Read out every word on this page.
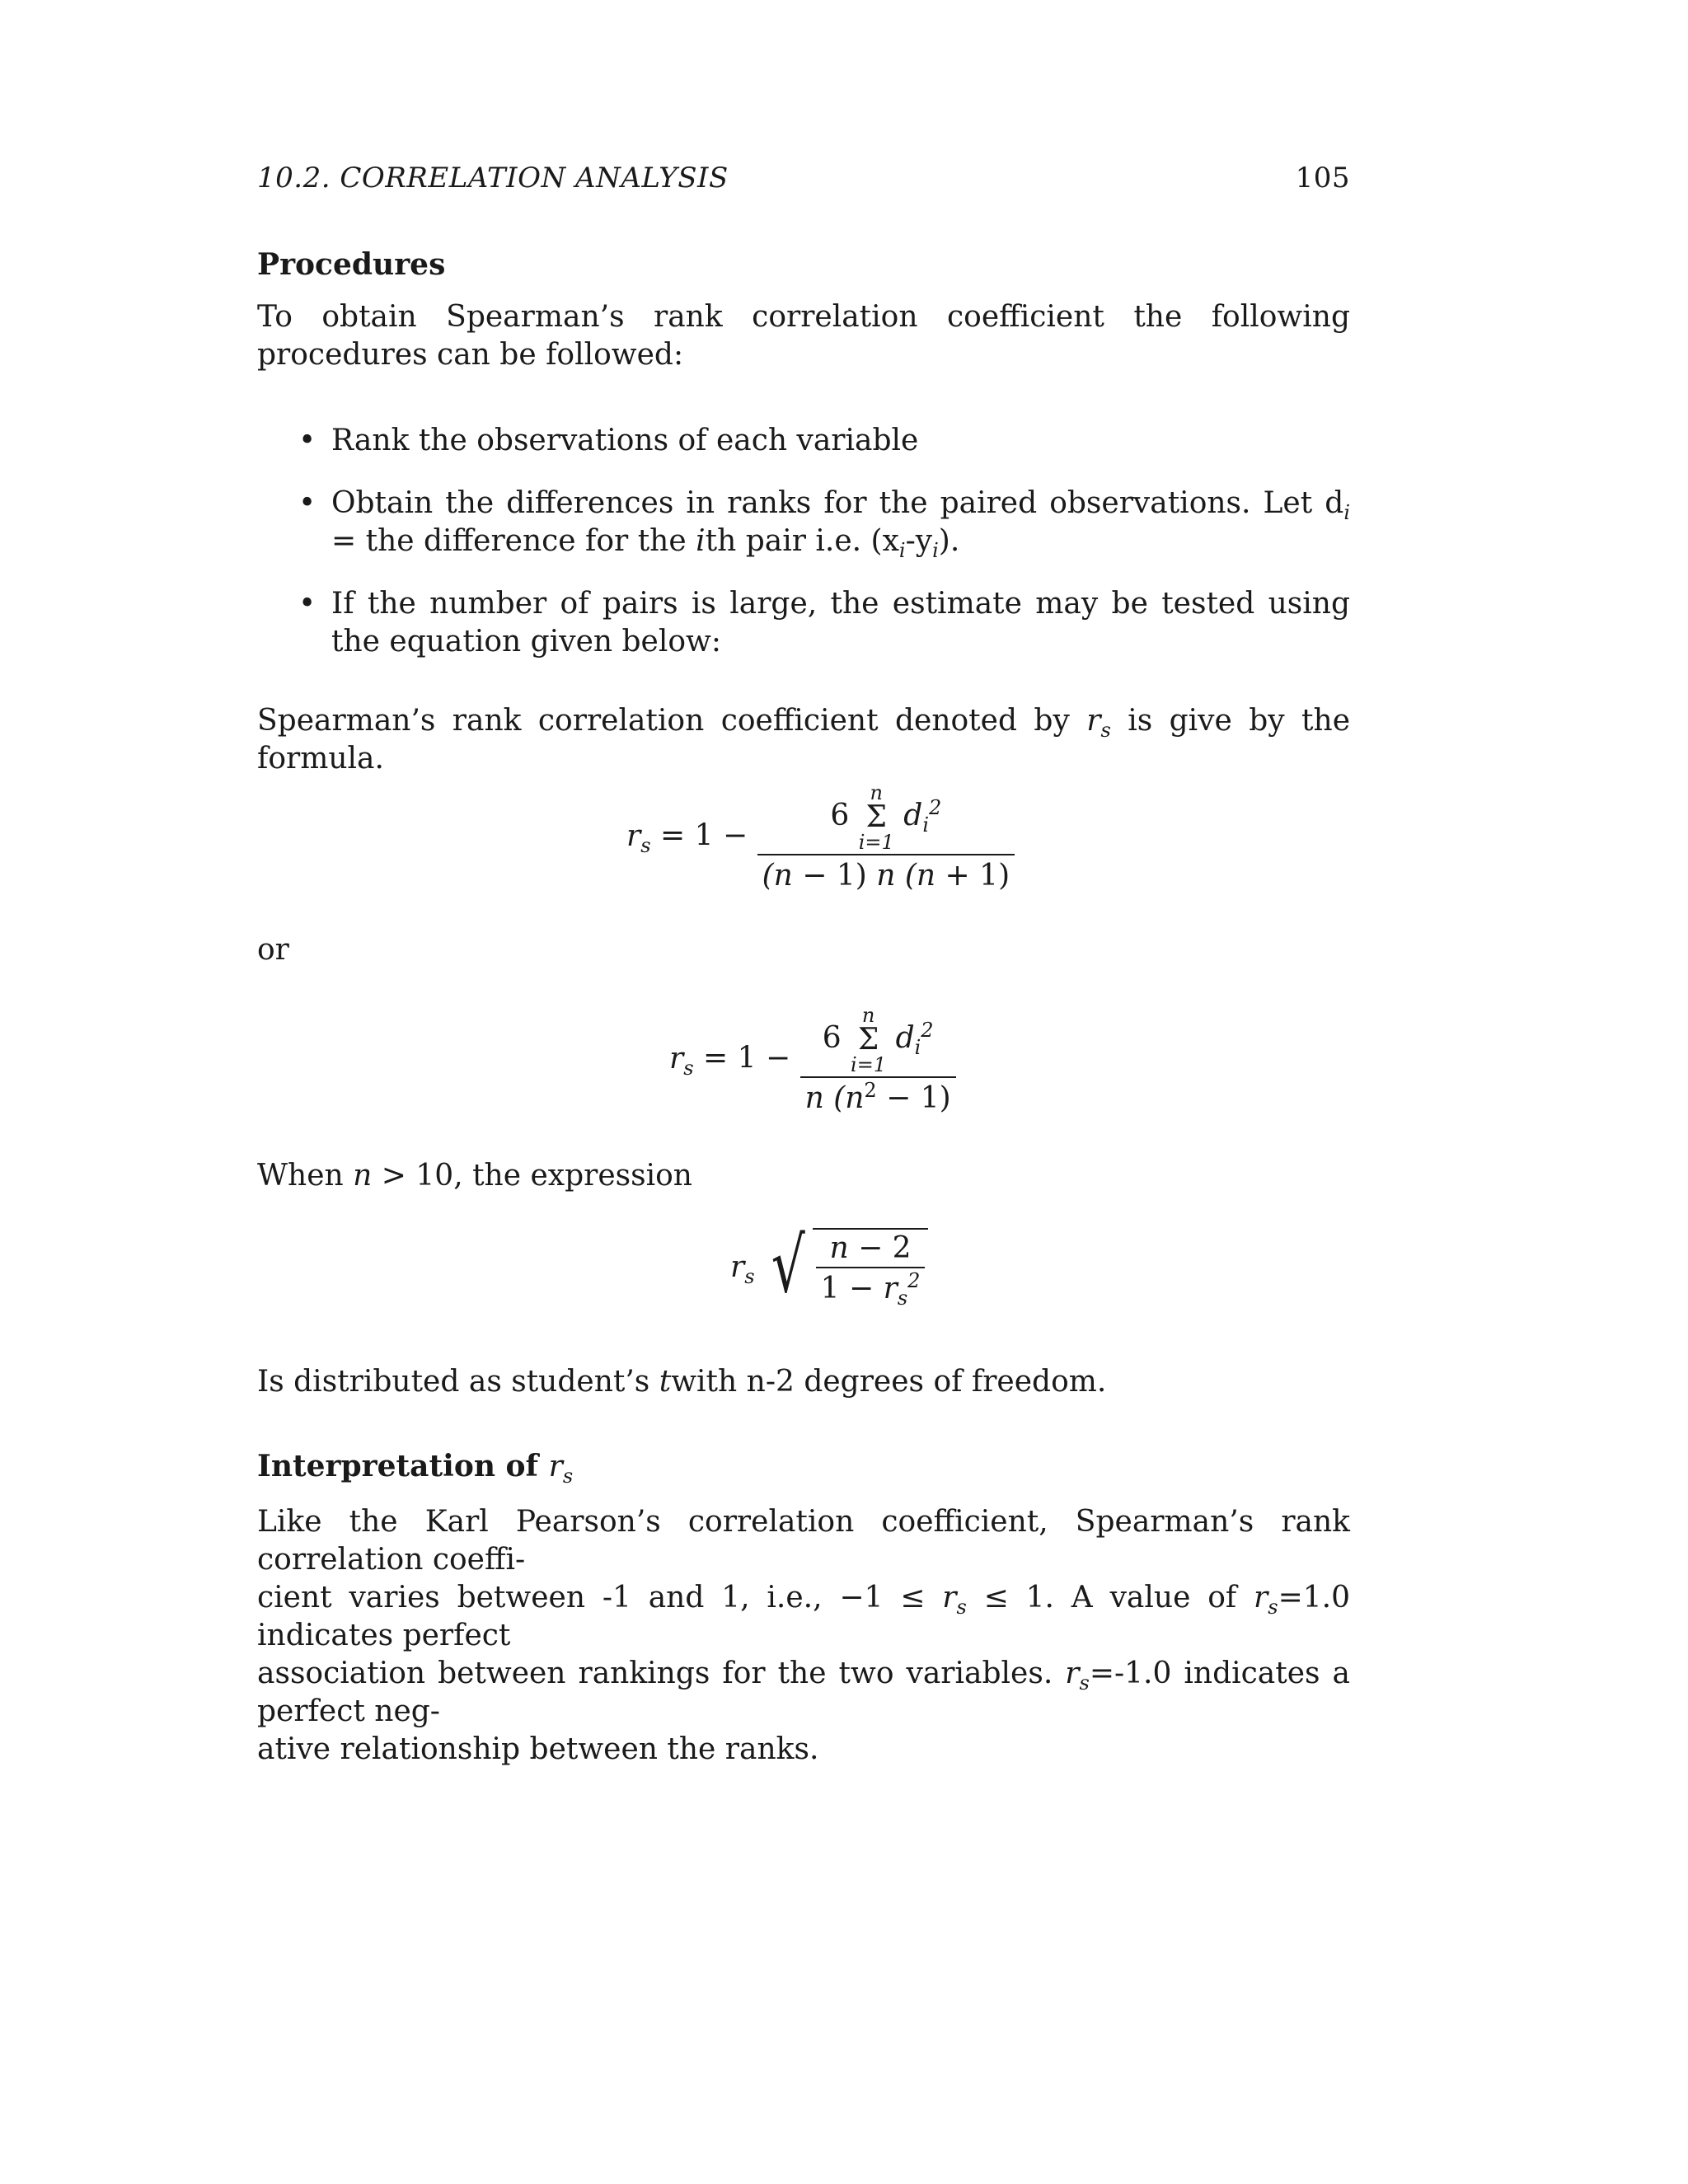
10.2. CORRELATION ANALYSIS	105
Procedures
To obtain Spearman’s rank correlation coefficient the following procedures can be followed:
• Rank the observations of each variable
• Obtain the differences in ranks for the paired observations. Let $d_i$ = the difference for the ith pair i.e. $(x_i-y_i)$.
• If the number of pairs is large, the estimate may be tested using the equation given below:
Spearman’s rank correlation coefficient denoted by $r_s$ is give by the formula.
$r_s = 1 - 6$
n
Σ
i=1
$d_i^2$
(n − 1) n (n + 1)
or
$r_s = 1 - 6$
n
Σ
i=1
$d_i^2$
n $(n^2 - 1)$
When n > 10, the expression
$r_s$ √ $\frac{n - 2}{1 - r_s^2}$
Is distributed as student’s twith n-2 degrees of freedom.
Interpretation of $r_s$
Like the Karl Pearson’s correlation coefficient, Spearman’s rank correlation coeffi-
cient varies between -1 and 1, i.e., $-1 \le r_s \le 1$. A value of $r_s=1.0$ indicates perfect
association between rankings for the two variables. $r_s=-1.0$ indicates a perfect neg-
ative relationship between the ranks.
